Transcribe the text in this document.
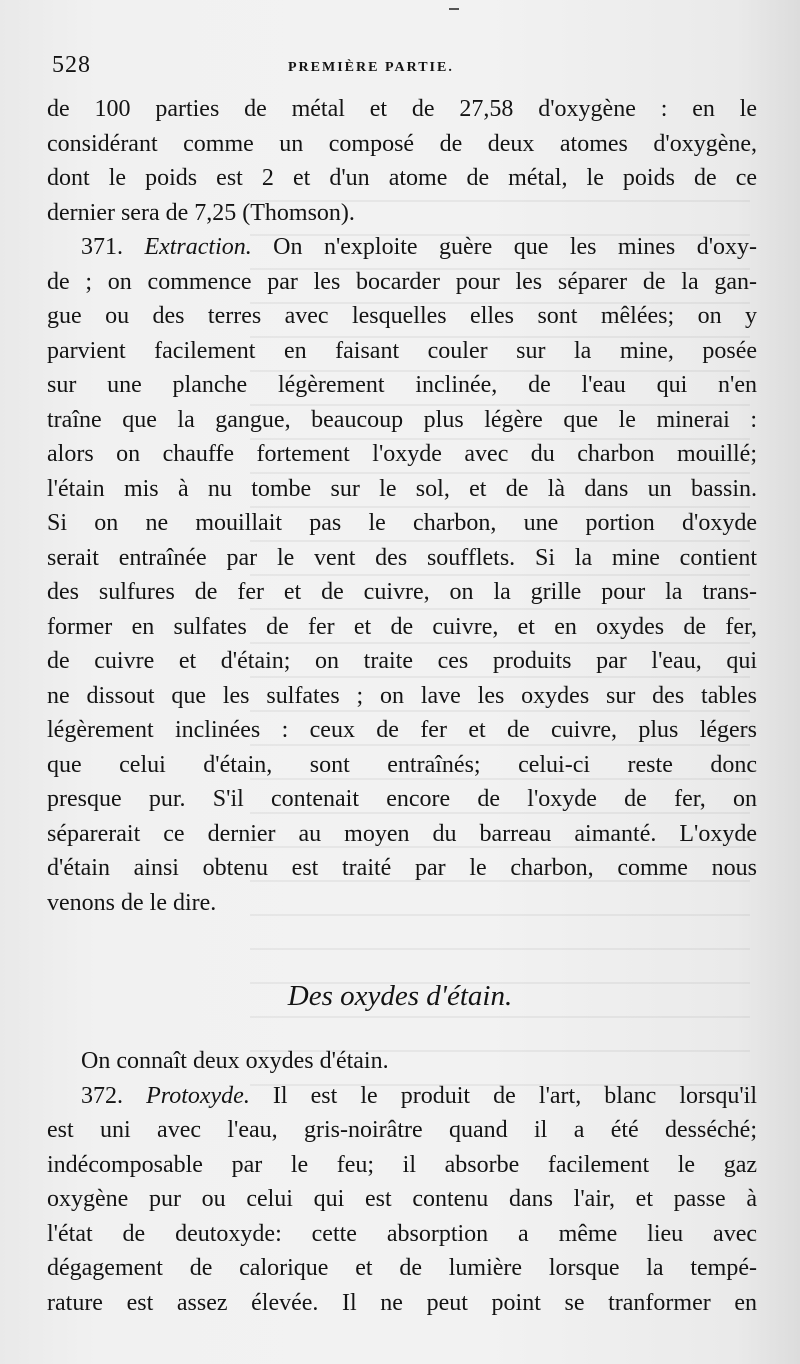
528	PREMIÈRE PARTIE.
de 100 parties de métal et de 27,58 d'oxygène : en le
considérant comme un composé de deux atomes d'oxygène,
dont le poids est 2 et d'un atome de métal, le poids de ce
dernier sera de 7,25 (Thomson).
371. Extraction. On n'exploite guère que les mines d'oxy-
de ; on commence par les bocarder pour les séparer de la gan-
gue ou des terres avec lesquelles elles sont mêlées; on y
parvient facilement en faisant couler sur la mine, posée
sur une planche légèrement inclinée, de l'eau qui n'en
traîne que la gangue, beaucoup plus légère que le minerai :
alors on chauffe fortement l'oxyde avec du charbon mouillé;
l'étain mis à nu tombe sur le sol, et de là dans un bassin.
Si on ne mouillait pas le charbon, une portion d'oxyde
serait entraînée par le vent des soufflets. Si la mine contient
des sulfures de fer et de cuivre, on la grille pour la trans-
former en sulfates de fer et de cuivre, et en oxydes de fer,
de cuivre et d'étain; on traite ces produits par l'eau, qui
ne dissout que les sulfates ; on lave les oxydes sur des tables
légèrement inclinées : ceux de fer et de cuivre, plus légers
que celui d'étain, sont entraînés; celui-ci reste donc
presque pur. S'il contenait encore de l'oxyde de fer, on
séparerait ce dernier au moyen du barreau aimanté. L'oxyde
d'étain ainsi obtenu est traité par le charbon, comme nous
venons de le dire.
Des oxydes d'étain.
On connaît deux oxydes d'étain.
372. Protoxyde. Il est le produit de l'art, blanc lorsqu'il
est uni avec l'eau, gris-noirâtre quand il a été desséché;
indécomposable par le feu; il absorbe facilement le gaz
oxygène pur ou celui qui est contenu dans l'air, et passe à
l'état de deutoxyde: cette absorption a même lieu avec
dégagement de calorique et de lumière lorsque la tempé-
rature est assez élevée. Il ne peut point se tranformer en
